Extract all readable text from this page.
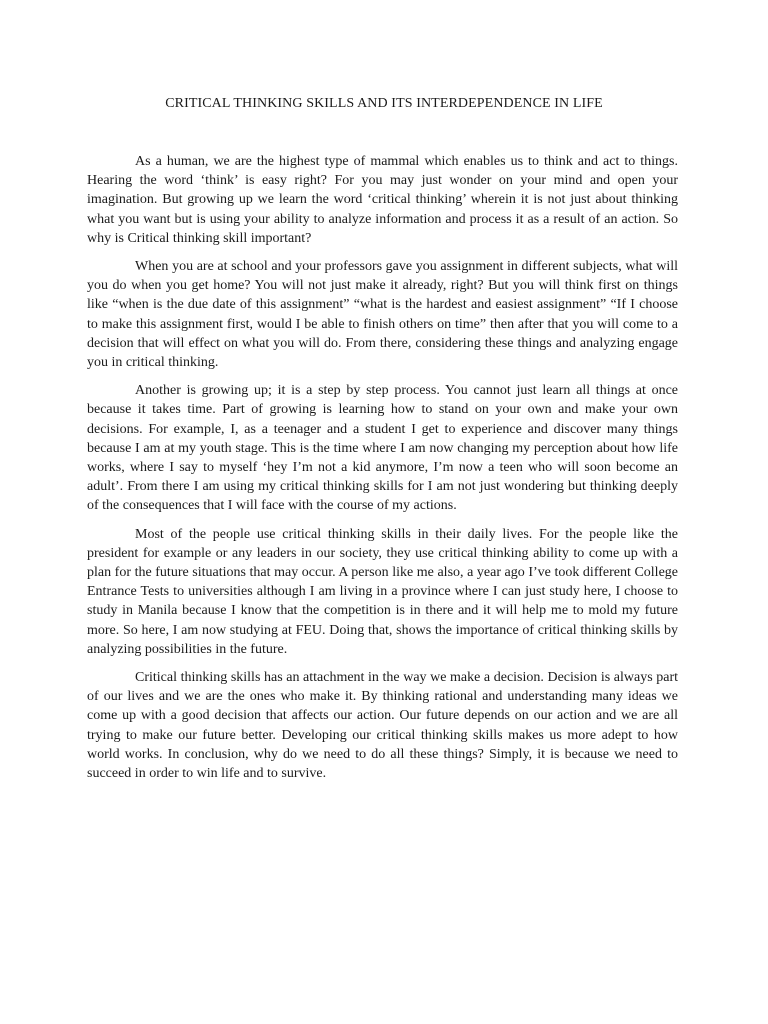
CRITICAL THINKING SKILLS AND ITS INTERDEPENDENCE IN LIFE

As a human, we are the highest type of mammal which enables us to think and act to things. Hearing the word ‘think’ is easy right? For you may just wonder on your mind and open your imagination. But growing up we learn the word ‘critical thinking’ wherein it is not just about thinking what you want but is using your ability to analyze information and process it as a result of an action. So why is Critical thinking skill important?

When you are at school and your professors gave you assignment in different subjects, what will you do when you get home? You will not just make it already, right? But you will think first on things like “when is the due date of this assignment” “what is the hardest and easiest assignment” “If I choose to make this assignment first, would I be able to finish others on time” then after that you will come to a decision that will effect on what you will do. From there, considering these things and analyzing engage you in critical thinking.

Another is growing up; it is a step by step process. You cannot just learn all things at once because it takes time. Part of growing is learning how to stand on your own and make your own decisions. For example, I, as a teenager and a student I get to experience and discover many things because I am at my youth stage. This is the time where I am now changing my perception about how life works, where I say to myself ‘hey I’m not a kid anymore, I’m now a teen who will soon become an adult’. From there I am using my critical thinking skills for I am not just wondering but thinking deeply of the consequences that I will face with the course of my actions.

Most of the people use critical thinking skills in their daily lives. For the people like the president for example or any leaders in our society, they use critical thinking ability to come up with a plan for the future situations that may occur. A person like me also, a year ago I’ve took different College Entrance Tests to universities although I am living in a province where I can just study here, I choose to study in Manila because I know that the competition is in there and it will help me to mold my future more. So here, I am now studying at FEU. Doing that, shows the importance of critical thinking skills by analyzing possibilities in the future.

Critical thinking skills has an attachment in the way we make a decision. Decision is always part of our lives and we are the ones who make it. By thinking rational and understanding many ideas we come up with a good decision that affects our action. Our future depends on our action and we are all trying to make our future better. Developing our critical thinking skills makes us more adept to how world works. In conclusion, why do we need to do all these things? Simply, it is because we need to succeed in order to win life and to survive.
